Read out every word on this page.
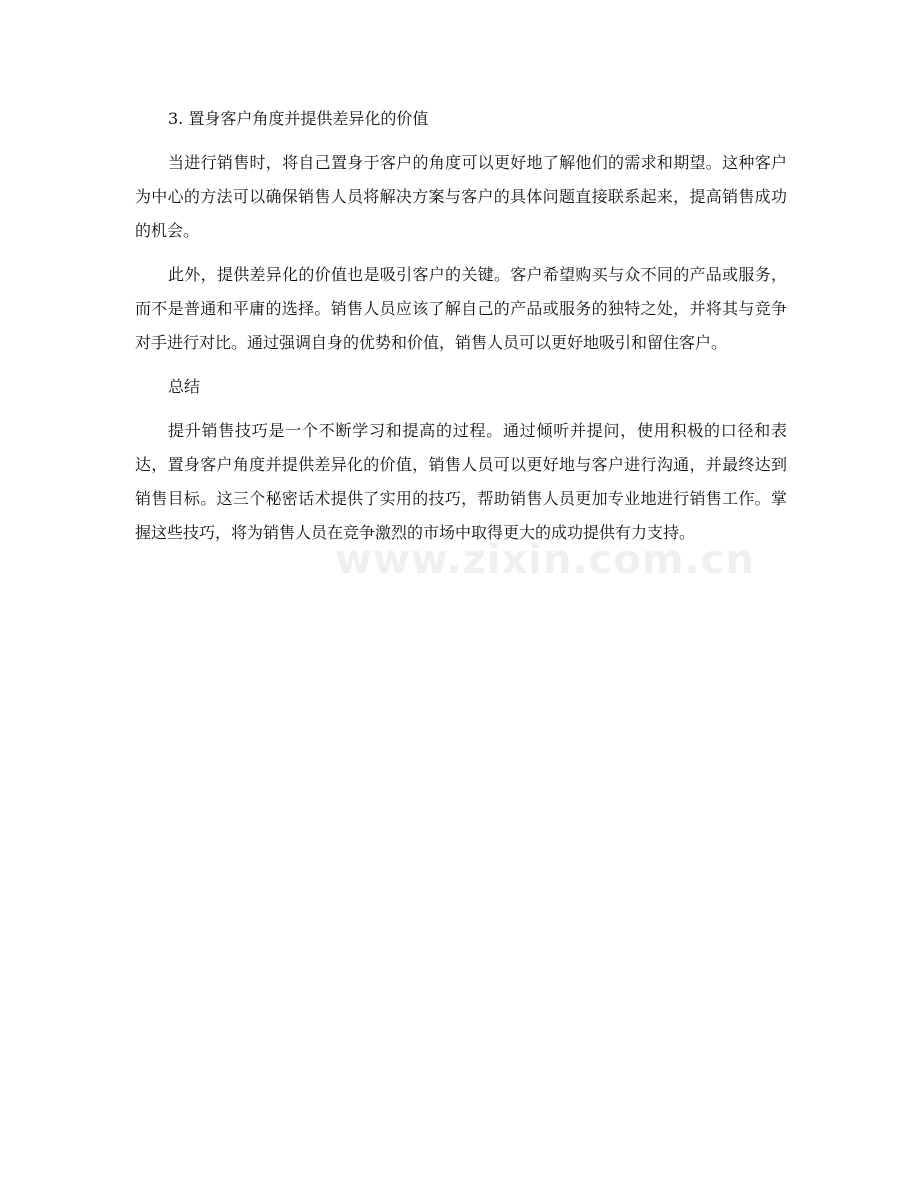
3. 置身客户角度并提供差异化的价值

当进行销售时，将自己置身于客户的角度可以更好地了解他们的需求和期望。这种客户为中心的方法可以确保销售人员将解决方案与客户的具体问题直接联系起来，提高销售成功的机会。

此外，提供差异化的价值也是吸引客户的关键。客户希望购买与众不同的产品或服务，而不是普通和平庸的选择。销售人员应该了解自己的产品或服务的独特之处，并将其与竞争对手进行对比。通过强调自身的优势和价值，销售人员可以更好地吸引和留住客户。

总结

提升销售技巧是一个不断学习和提高的过程。通过倾听并提问，使用积极的口径和表达，置身客户角度并提供差异化的价值，销售人员可以更好地与客户进行沟通，并最终达到销售目标。这三个秘密话术提供了实用的技巧，帮助销售人员更加专业地进行销售工作。掌握这些技巧，将为销售人员在竞争激烈的市场中取得更大的成功提供有力支持。

www.zixin.com.cn
